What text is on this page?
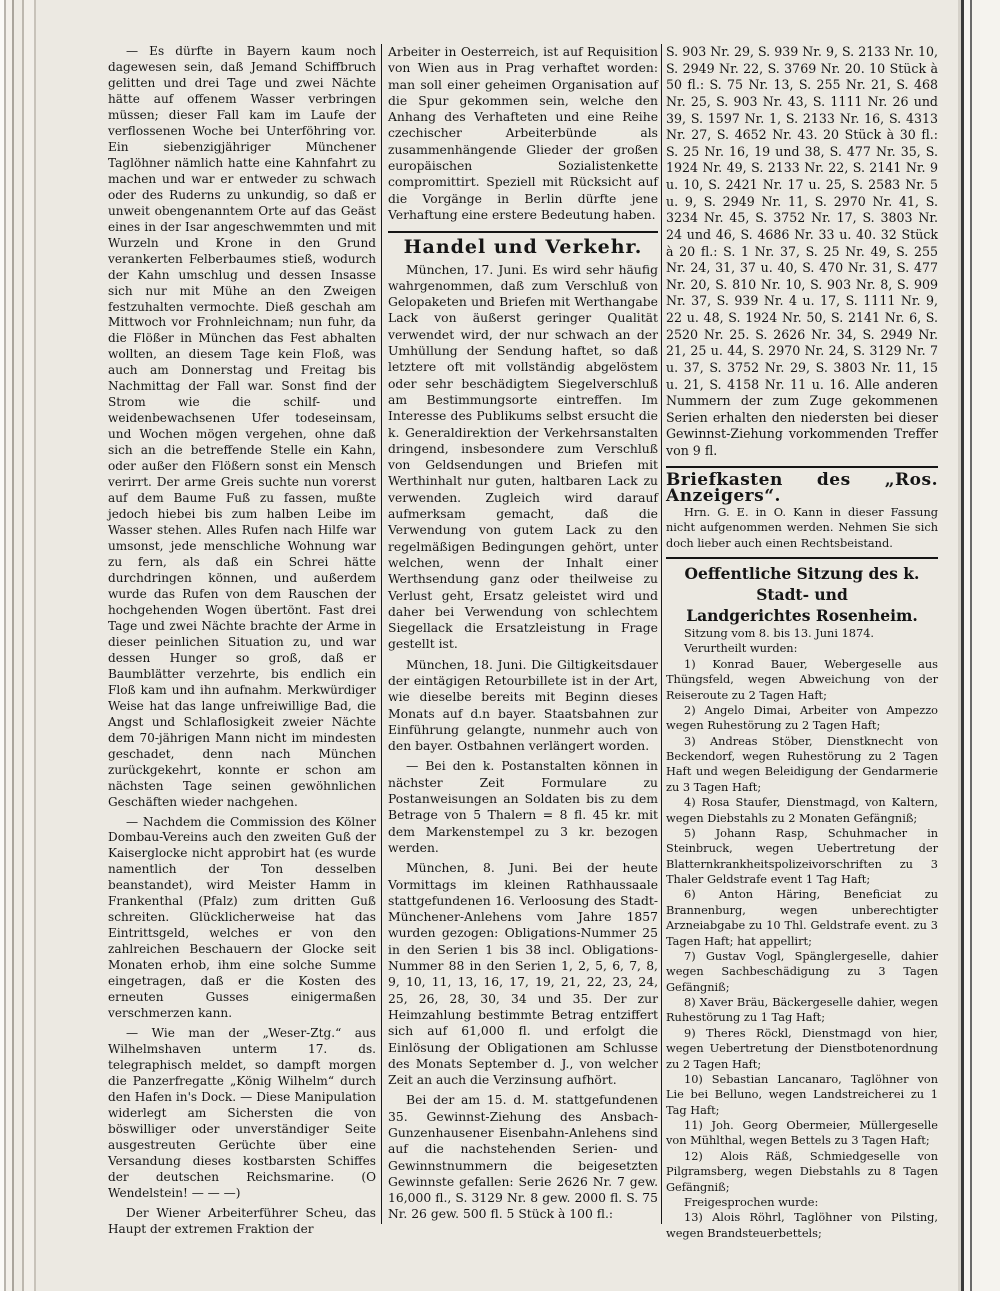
— Es dürfte in Bayern kaum noch dagewesen sein, daß Jemand Schiffbruch gelitten und drei Tage und zwei Nächte hätte auf offenem Wasser verbringen müssen; dieser Fall kam im Laufe der verflossenen Woche bei Unterföhring vor. Ein siebenzigjähriger Münchener Taglöhner nämlich hatte eine Kahnfahrt zu machen und war er entweder zu schwach oder des Ruderns zu unkundig, so daß er unweit obengenanntem Orte auf das Geäst eines in der Isar angeschwemmten und mit Wurzeln und Krone in den Grund verankerten Felberbaumes stieß, wodurch der Kahn umschlug und dessen Insasse sich nur mit Mühe an den Zweigen festzuhalten vermochte. Dieß geschah am Mittwoch vor Frohnleichnam; nun fuhr, da die Flößer in München das Fest abhalten wollten, an diesem Tage kein Floß, was auch am Donnerstag und Freitag bis Nachmittag der Fall war. Sonst find der Strom wie die schilf- und weidenbewachsenen Ufer todeseinsam, und Wochen mögen vergehen, ohne daß sich an die betreffende Stelle ein Kahn, oder außer den Flößern sonst ein Mensch verirrt. Der arme Greis suchte nun vorerst auf dem Baume Fuß zu fassen, mußte jedoch hiebei bis zum halben Leibe im Wasser stehen. Alles Rufen nach Hilfe war umsonst, jede menschliche Wohnung war zu fern, als daß ein Schrei hätte durchdringen können, und außerdem wurde das Rufen von dem Rauschen der hochgehenden Wogen übertönt. Fast drei Tage und zwei Nächte brachte der Arme in dieser peinlichen Situation zu, und war dessen Hunger so groß, daß er Baumblätter verzehrte, bis endlich ein Floß kam und ihn aufnahm. Merkwürdiger Weise hat das lange unfreiwillige Bad, die Angst und Schlaflosigkeit zweier Nächte dem 70-jährigen Mann nicht im mindesten geschadet, denn nach München zurückgekehrt, konnte er schon am nächsten Tage seinen gewöhnlichen Geschäften wieder nachgehen.

— Nachdem die Commission des Kölner Dombau-Vereins auch den zweiten Guß der Kaiserglocke nicht approbirt hat (es wurde namentlich der Ton desselben beanstandet), wird Meister Hamm in Frankenthal (Pfalz) zum dritten Guß schreiten. Glücklicherweise hat das Eintrittsgeld, welches er von den zahlreichen Beschauern der Glocke seit Monaten erhob, ihm eine solche Summe eingetragen, daß er die Kosten des erneuten Gusses einigermaßen verschmerzen kann.

— Wie man der „Weser-Ztg.“ aus Wilhelmshaven unterm 17. ds. telegraphisch meldet, so dampft morgen die Panzerfregatte „König Wilhelm“ durch den Hafen in's Dock. — Diese Manipulation widerlegt am Sichersten die von böswilliger oder unverständiger Seite ausgestreuten Gerüchte über eine Versandung dieses kostbarsten Schiffes der deutschen Reichsmarine. (O Wendelstein! — — —)

Der Wiener Arbeiterführer Scheu, das Haupt der extremen Fraktion der

Arbeiter in Oesterreich, ist auf Requisition von Wien aus in Prag verhaftet worden: man soll einer geheimen Organisation auf die Spur gekommen sein, welche den Anhang des Verhafteten und eine Reihe czechischer Arbeiterbünde als zusammenhängende Glieder der großen europäischen Sozialistenkette compromittirt. Speziell mit Rücksicht auf die Vorgänge in Berlin dürfte jene Verhaftung eine erstere Bedeutung haben.

Handel und Verkehr.

München, 17. Juni. Es wird sehr häufig wahrgenommen, daß zum Verschluß von Gelopaketen und Briefen mit Werthangabe Lack von äußerst geringer Qualität verwendet wird, der nur schwach an der Umhüllung der Sendung haftet, so daß letztere oft mit vollständig abgelöstem oder sehr beschädigtem Siegelverschluß am Bestimmungsorte eintreffen. Im Interesse des Publikums selbst ersucht die k. Generaldirektion der Verkehrsanstalten dringend, insbesondere zum Verschluß von Geldsendungen und Briefen mit Werthinhalt nur guten, haltbaren Lack zu verwenden. Zugleich wird darauf aufmerksam gemacht, daß die Verwendung von gutem Lack zu den regelmäßigen Bedingungen gehört, unter welchen, wenn der Inhalt einer Werthsendung ganz oder theilweise zu Verlust geht, Ersatz geleistet wird und daher bei Verwendung von schlechtem Siegellack die Ersatzleistung in Frage gestellt ist.

München, 18. Juni. Die Giltigkeitsdauer der eintägigen Retourbillete ist in der Art, wie dieselbe bereits mit Beginn dieses Monats auf d.n bayer. Staatsbahnen zur Einführung gelangte, nunmehr auch von den bayer. Ostbahnen verlängert worden.

— Bei den k. Postanstalten können in nächster Zeit Formulare zu Postanweisungen an Soldaten bis zu dem Betrage von 5 Thalern = 8 fl. 45 kr. mit dem Markenstempel zu 3 kr. bezogen werden.

München, 8. Juni. Bei der heute Vormittags im kleinen Rathhaussaale stattgefundenen 16. Verloosung des Stadt-Münchener-Anlehens vom Jahre 1857 wurden gezogen: Obligations-Nummer 25 in den Serien 1 bis 38 incl. Obligations-Nummer 88 in den Serien 1, 2, 5, 6, 7, 8, 9, 10, 11, 13, 16, 17, 19, 21, 22, 23, 24, 25, 26, 28, 30, 34 und 35. Der zur Heimzahlung bestimmte Betrag entziffert sich auf 61,000 fl. und erfolgt die Einlösung der Obligationen am Schlusse des Monats September d. J., von welcher Zeit an auch die Verzinsung aufhört.

Bei der am 15. d. M. stattgefundenen 35. Gewinnst-Ziehung des Ansbach-Gunzenhausener Eisenbahn-Anlehens sind auf die nachstehenden Serien- und Gewinnstnummern die beigesetzten Gewinnste gefallen: Serie 2626 Nr. 7 gew. 16,000 fl., S. 3129 Nr. 8 gew. 2000 fl. S. 75 Nr. 26 gew. 500 fl. 5 Stück à 100 fl.:

S. 903 Nr. 29, S. 939 Nr. 9, S. 2133 Nr. 10, S. 2949 Nr. 22, S. 3769 Nr. 20. 10 Stück à 50 fl.: S. 75 Nr. 13, S. 255 Nr. 21, S. 468 Nr. 25, S. 903 Nr. 43, S. 1111 Nr. 26 und 39, S. 1597 Nr. 1, S. 2133 Nr. 16, S. 4313 Nr. 27, S. 4652 Nr. 43. 20 Stück à 30 fl.: S. 25 Nr. 16, 19 und 38, S. 477 Nr. 35, S. 1924 Nr. 49, S. 2133 Nr. 22, S. 2141 Nr. 9 u. 10, S. 2421 Nr. 17 u. 25, S. 2583 Nr. 5 u. 9, S. 2949 Nr. 11, S. 2970 Nr. 41, S. 3234 Nr. 45, S. 3752 Nr. 17, S. 3803 Nr. 24 und 46, S. 4686 Nr. 33 u. 40. 32 Stück à 20 fl.: S. 1 Nr. 37, S. 25 Nr. 49, S. 255 Nr. 24, 31, 37 u. 40, S. 470 Nr. 31, S. 477 Nr. 20, S. 810 Nr. 10, S. 903 Nr. 8, S. 909 Nr. 37, S. 939 Nr. 4 u. 17, S. 1111 Nr. 9, 22 u. 48, S. 1924 Nr. 50, S. 2141 Nr. 6, S. 2520 Nr. 25. S. 2626 Nr. 34, S. 2949 Nr. 21, 25 u. 44, S. 2970 Nr. 24, S. 3129 Nr. 7 u. 37, S. 3752 Nr. 29, S. 3803 Nr. 11, 15 u. 21, S. 4158 Nr. 11 u. 16. Alle anderen Nummern der zum Zuge gekommenen Serien erhalten den niedersten bei dieser Gewinnst-Ziehung vorkommenden Treffer von 9 fl.

Briefkasten des „Ros. Anzeigers“.

Hrn. G. E. in O. Kann in dieser Fassung nicht aufgenommen werden. Nehmen Sie sich doch lieber auch einen Rechtsbeistand.

Oeffentliche Sitzung des k. Stadt- und
Landgerichtes Rosenheim.
Sitzung vom 8. bis 13. Juni 1874.
Verurtheilt wurden:
1) Konrad Bauer, Webergeselle aus Thüngsfeld, wegen Abweichung von der Reiseroute zu 2 Tagen Haft;
2) Angelo Dimai, Arbeiter von Ampezzo wegen Ruhestörung zu 2 Tagen Haft;
3) Andreas Stöber, Dienstknecht von Beckendorf, wegen Ruhestörung zu 2 Tagen Haft und wegen Beleidigung der Gendarmerie zu 3 Tagen Haft;
4) Rosa Staufer, Dienstmagd, von Kaltern, wegen Diebstahls zu 2 Monaten Gefängniß;
5) Johann Rasp, Schuhmacher in Steinbruck, wegen Uebertretung der Blatternkrankheitspolizeivorschriften zu 3 Thaler Geldstrafe event 1 Tag Haft;
6) Anton Häring, Beneficiat zu Brannenburg, wegen unberechtigter Arzneiabgabe zu 10 Thl. Geldstrafe event. zu 3 Tagen Haft; hat appellirt;
7) Gustav Vogl, Spänglergeselle, dahier wegen Sachbeschädigung zu 3 Tagen Gefängniß;
8) Xaver Bräu, Bäckergeselle dahier, wegen Ruhestörung zu 1 Tag Haft;
9) Theres Röckl, Dienstmagd von hier, wegen Uebertretung der Dienstbotenordnung zu 2 Tagen Haft;
10) Sebastian Lancanaro, Taglöhner von Lie bei Belluno, wegen Landstreicherei zu 1 Tag Haft;
11) Joh. Georg Obermeier, Müllergeselle von Mühlthal, wegen Bettels zu 3 Tagen Haft;
12) Alois Räß, Schmiedgeselle von Pilgramsberg, wegen Diebstahls zu 8 Tagen Gefängniß;
Freigesprochen wurde:
13) Alois Röhrl, Taglöhner von Pilsting, wegen Brandsteuerbettels;
